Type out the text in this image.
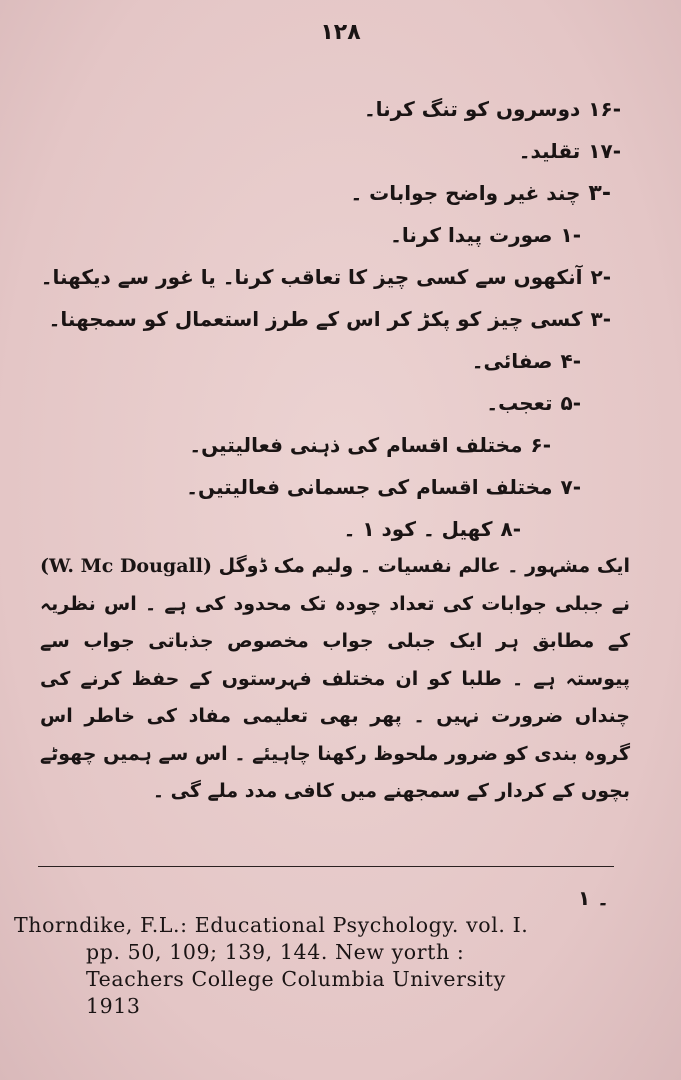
۱۲۸
-۱۶دوسروں کو تنگ کرنا۔
-۱۷تقلید۔
-۳چند غیر واضح جوابات ۔
-۱صورت پیدا کرنا۔
-۲آنکھوں سے کسی چیز کا تعاقب کرنا۔ یا غور سے دیکھنا۔
-۳کسی چیز کو پکڑ کر اس کے طرز استعمال کو سمجھنا۔
-۴صفائی۔
-۵تعجب۔
-۶مختلف اقسام کی ذہنی فعالیتیں۔
-۷مختلف اقسام کی جسمانی فعالیتیں۔
-۸کھیل ۔ کود ۱ ۔
ایک مشہور ۔ عالم نفسیات ۔ ولیم مک ڈوگل (W. Mc Dougall) نے جبلی جوابات کی تعداد چودہ تک محدود کی ہے ۔ اس نظریہ کے مطابق ہر ایک جبلی جواب مخصوص جذباتی جواب سے پیوستہ ہے ۔ طلبا کو ان مختلف فہرستوں کے حفظ کرنے کی چنداں ضرورت نہیں ۔ پھر بھی تعلیمی مفاد کی خاطر اس گروہ بندی کو ضرور ملحوظ رکھنا چاہیئے ۔ اس سے ہمیں چھوٹے بچوں کے کردار کے سمجھنے میں کافی مدد ملے گی ۔
۱ ۔
Thorndike, F.L.: Educational Psychology. vol. I.
pp. 50, 109; 139, 144. New yorth :
Teachers College Columbia University
1913
